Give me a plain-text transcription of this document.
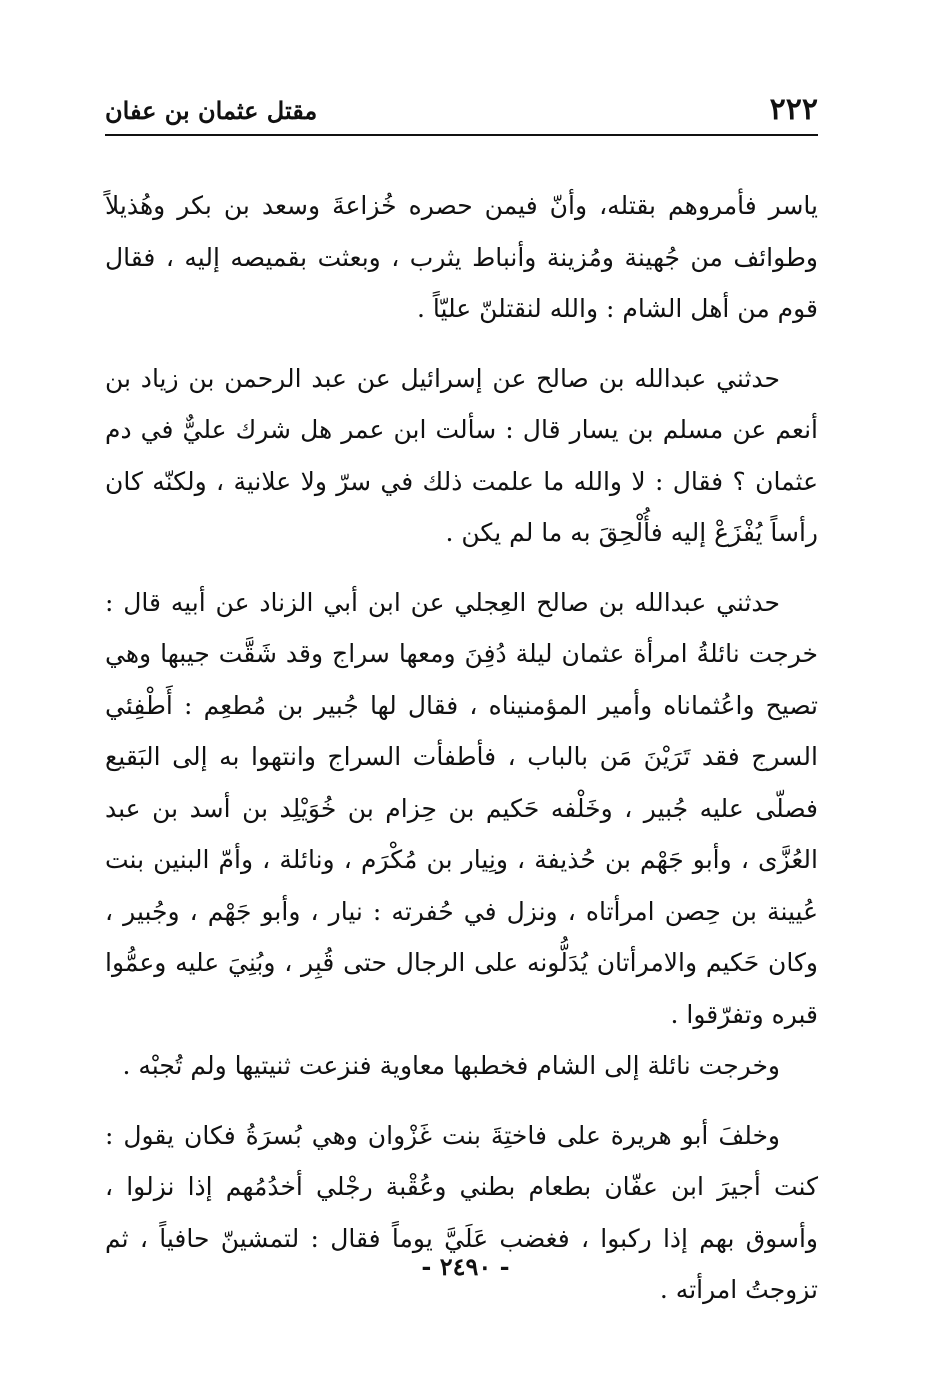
٢٢٢
مقتل عثمان بن عفان

ياسر فأمروهم بقتله، وأنّ فيمن حصره خُزاعةَ وسعد بن بكر وهُذيلاً وطوائف من جُهينة ومُزينة وأنباط يثرب ، وبعثت بقميصه إليه ، فقال قوم من أهل الشام : والله لنقتلنّ عليّاً .

حدثني عبدالله بن صالح عن إسرائيل عن عبد الرحمن بن زياد بن أنعم عن مسلم بن يسار قال : سألت ابن عمر هل شرك عليٌّ في دم عثمان ؟ فقال : لا والله ما علمت ذلك في سرّ ولا علانية ، ولكنّه كان رأساً يُفْزَعْ إليه فأُلْحِقَ به ما لم يكن .

حدثني عبدالله بن صالح العِجلي عن ابن أبي الزناد عن أبيه قال : خرجت نائلةُ امرأة عثمان ليلة دُفِنَ ومعها سراج وقد شَقَّت جيبها وهي تصيح واعُثماناه وأمير المؤمنيناه ، فقال لها جُبير بن مُطعِم : أَطْفِئي السرج فقد تَرَيْنَ مَن بالباب ، فأطفأت السراج وانتهوا به إلى البَقيع فصلّى عليه جُبير ، وخَلْفه حَكيم بن حِزام بن خُوَيْلِد بن أسد بن عبد العُزَّى ، وأبو جَهْم بن حُذيفة ، ونِيار بن مُكْرَم ، ونائلة ، وأمّ البنين بنت عُيينة بن حِصن امرأتاه ، ونزل في حُفرته : نيار ، وأبو جَهْم ، وجُبير ، وكان حَكيم والامرأتان يُدَلُّونه على الرجال حتى قُبِر ، وبُنِيَ عليه وعمُّوا قبره وتفرّقوا .

وخرجت نائلة إلى الشام فخطبها معاوية فنزعت ثنيتيها ولم تُجبْه .

وخلفَ أبو هريرة على فاختِةَ بنت غَزْوان وهي بُسرَةُ فكان يقول : كنت أجيرَ ابن عفّان بطعام بطني وعُقْبة رجْلي أخدُمُهم إذا نزلوا ، وأسوق بهم إذا ركبوا ، فغضب عَلَيَّ يوماً فقال : لتمشينّ حافياً ، ثم تزوجتُ امرأته .

- ٢٤٩٠ -
